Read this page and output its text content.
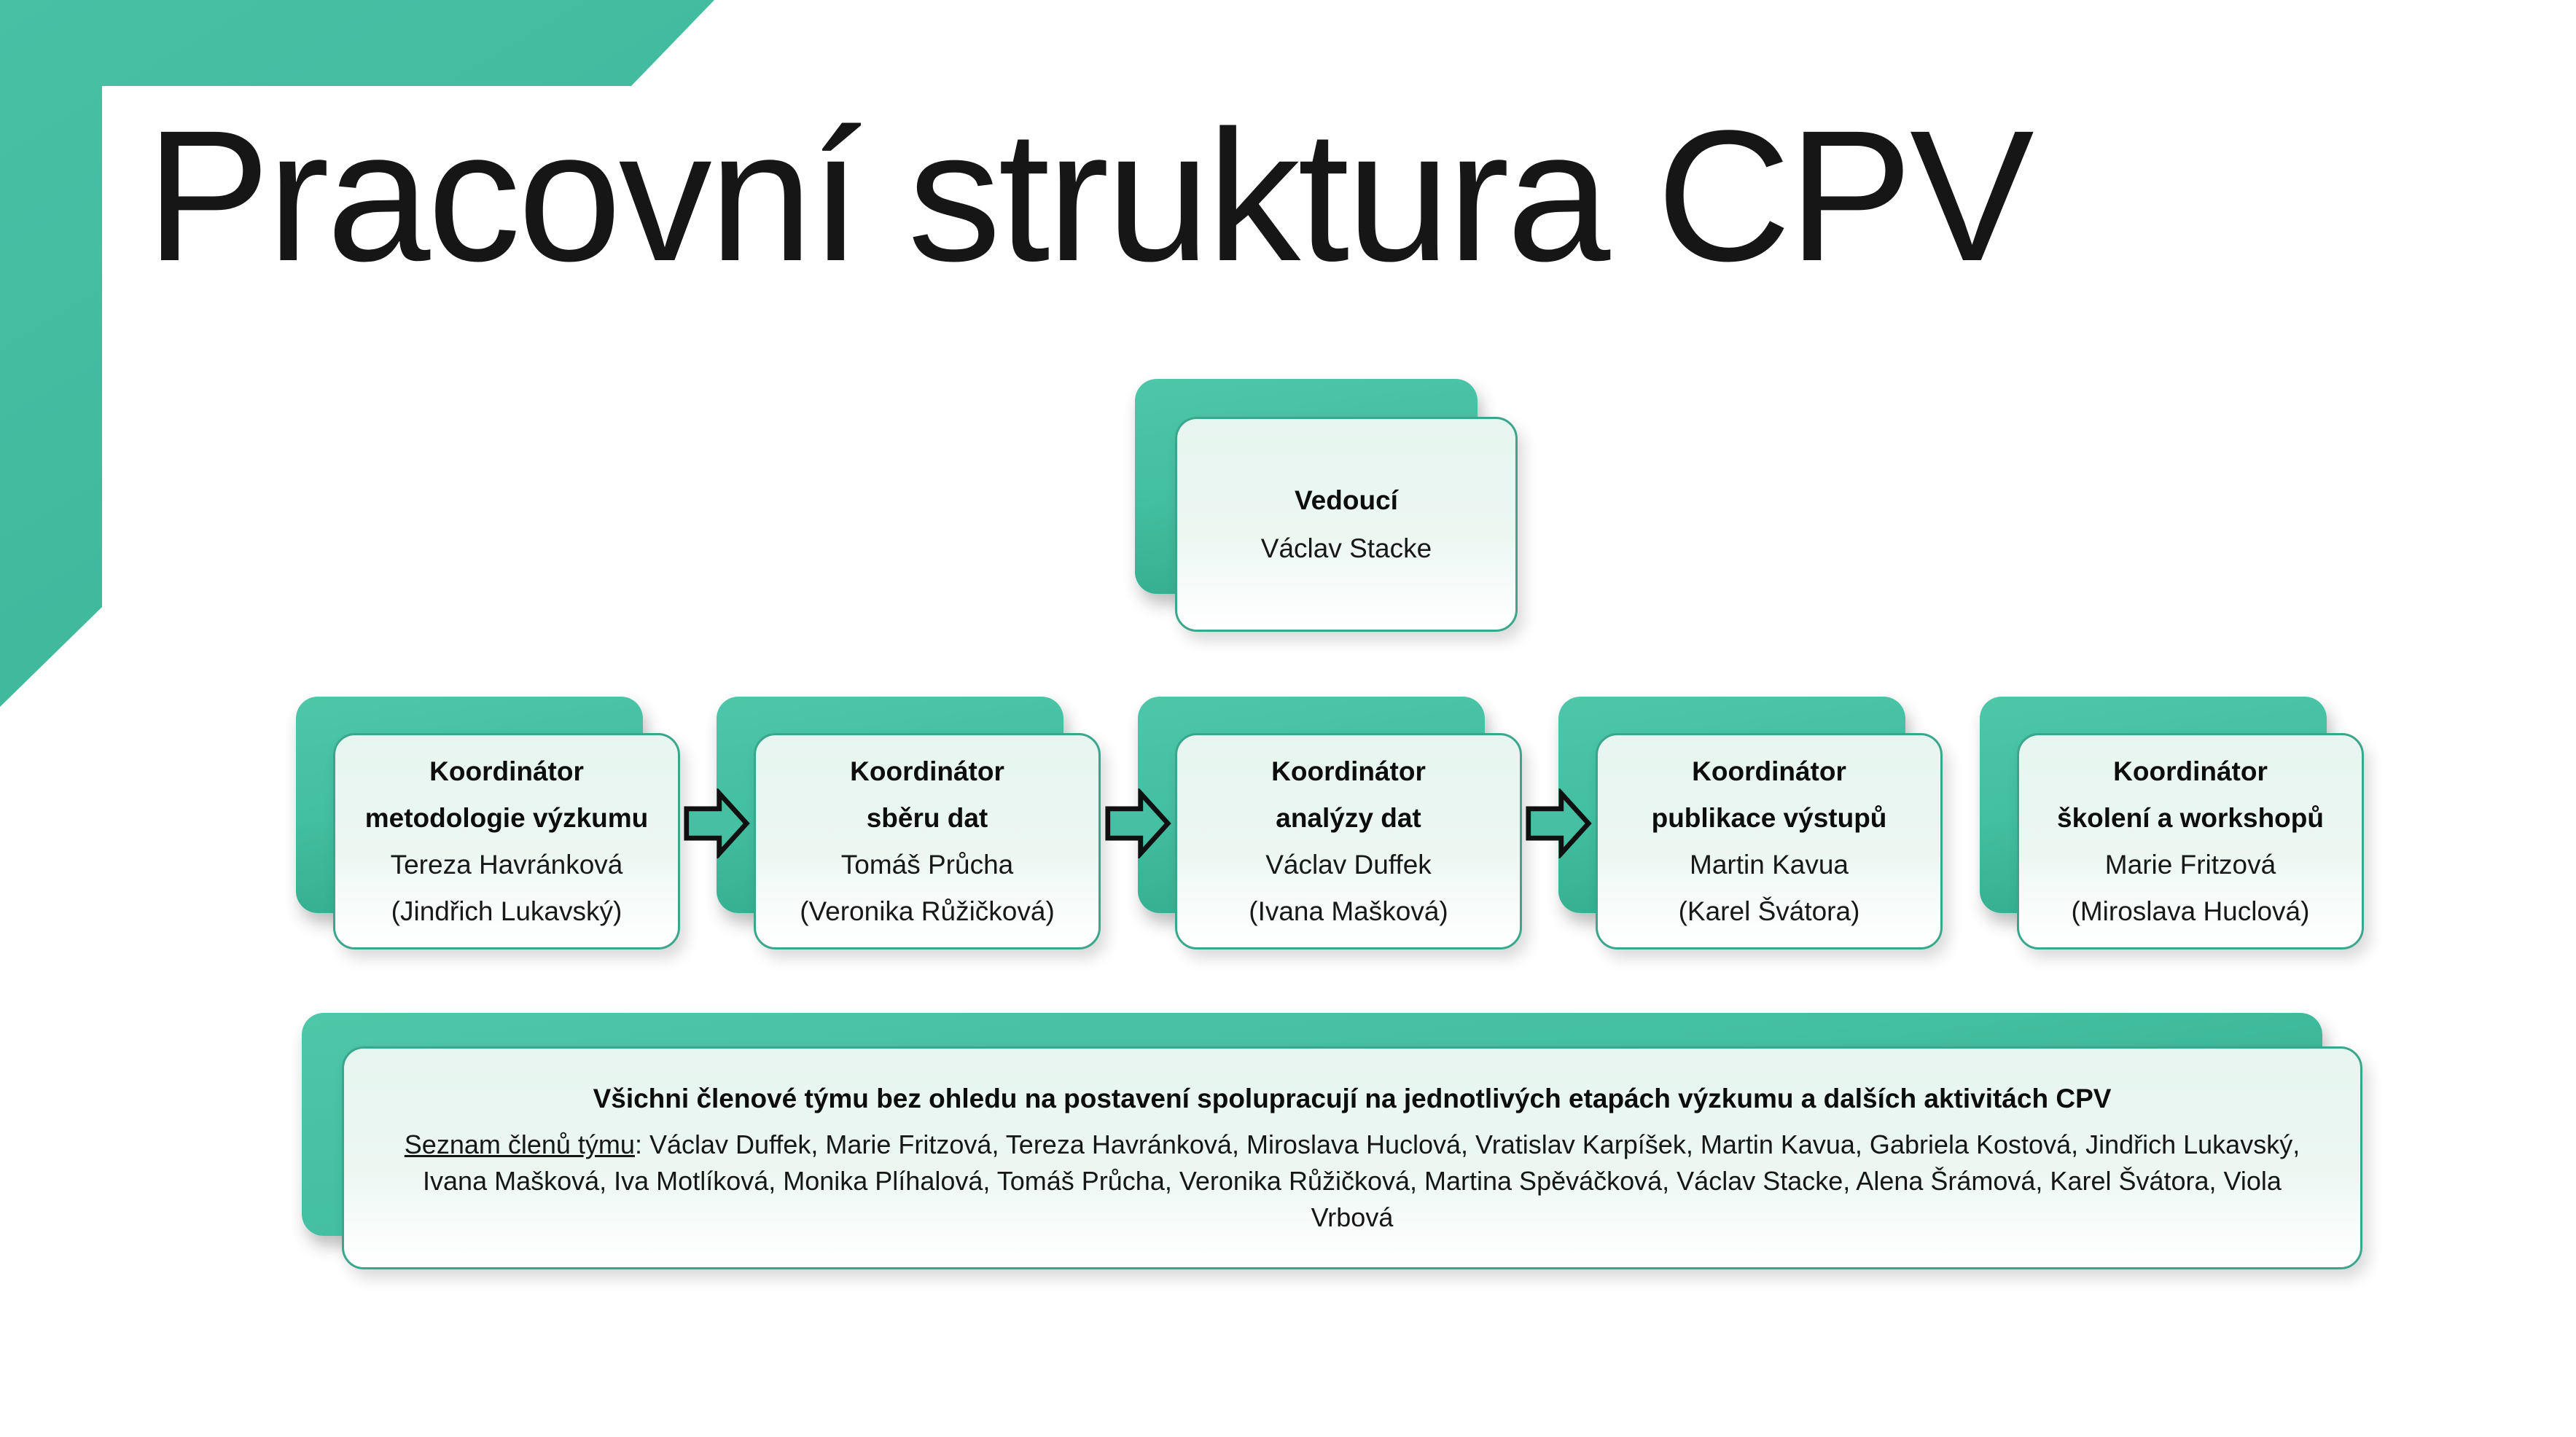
Pracovní struktura CPV
Vedoucí
Václav Stacke
Koordinátor
metodologie výzkumu
Tereza Havránková
(Jindřich Lukavský)
Koordinátor
sběru dat
Tomáš Průcha
(Veronika Růžičková)
Koordinátor
analýzy dat
Václav Duffek
(Ivana Mašková)
Koordinátor
publikace výstupů
Martin Kavua
(Karel Švátora)
Koordinátor
školení a workshopů
Marie Fritzová
(Miroslava Huclová)
Všichni členové týmu bez ohledu na postavení spolupracují na jednotlivých etapách výzkumu a dalších aktivitách CPV
Seznam členů týmu: Václav Duffek, Marie Fritzová, Tereza Havránková, Miroslava Huclová, Vratislav Karpíšek, Martin Kavua, Gabriela Kostová, Jindřich Lukavský, Ivana Mašková, Iva Motlíková, Monika Plíhalová, Tomáš Průcha, Veronika Růžičková, Martina Spěváčková, Václav Stacke, Alena Šrámová, Karel Švátora, Viola Vrbová
